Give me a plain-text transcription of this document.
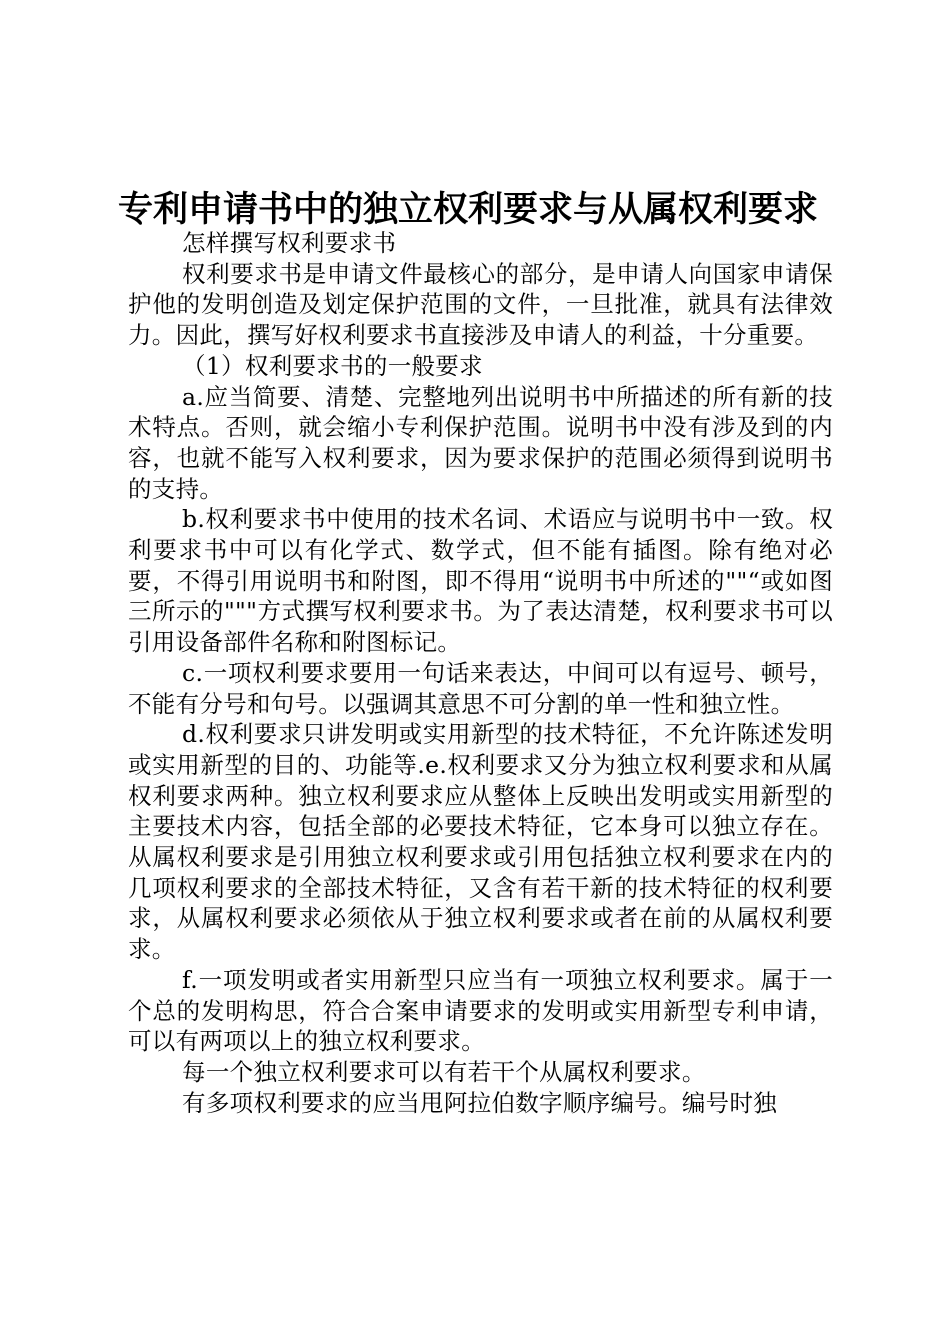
专利申请书中的独立权利要求与从属权利要求

怎样撰写权利要求书

权利要求书是申请文件最核心的部分，是申请人向国家申请保护他的发明创造及划定保护范围的文件，一旦批准，就具有法律效力。因此，撰写好权利要求书直接涉及申请人的利益，十分重要。

（1）权利要求书的一般要求

a.应当简要、清楚、完整地列出说明书中所描述的所有新的技术特点。否则，就会缩小专利保护范围。说明书中没有涉及到的内容，也就不能写入权利要求，因为要求保护的范围必须得到说明书的支持。

b.权利要求书中使用的技术名词、术语应与说明书中一致。权利要求书中可以有化学式、数学式，但不能有插图。除有绝对必要，不得引用说明书和附图，即不得用“说明书中所述的""“或如图三所示的"""方式撰写权利要求书。为了表达清楚，权利要求书可以引用设备部件名称和附图标记。

c.一项权利要求要用一句话来表达，中间可以有逗号、顿号，不能有分号和句号。以强调其意思不可分割的单一性和独立性。

d.权利要求只讲发明或实用新型的技术特征，不允许陈述发明或实用新型的目的、功能等.e.权利要求又分为独立权利要求和从属权利要求两种。独立权利要求应从整体上反映出发明或实用新型的主要技术内容，包括全部的必要技术特征，它本身可以独立存在。从属权利要求是引用独立权利要求或引用包括独立权利要求在内的几项权利要求的全部技术特征，又含有若干新的技术特征的权利要求，从属权利要求必须依从于独立权利要求或者在前的从属权利要求。

f.一项发明或者实用新型只应当有一项独立权利要求。属于一个总的发明构思，符合合案申请要求的发明或实用新型专利申请，可以有两项以上的独立权利要求。

每一个独立权利要求可以有若干个从属权利要求。

有多项权利要求的应当甩阿拉伯数字顺序编号。编号时独
